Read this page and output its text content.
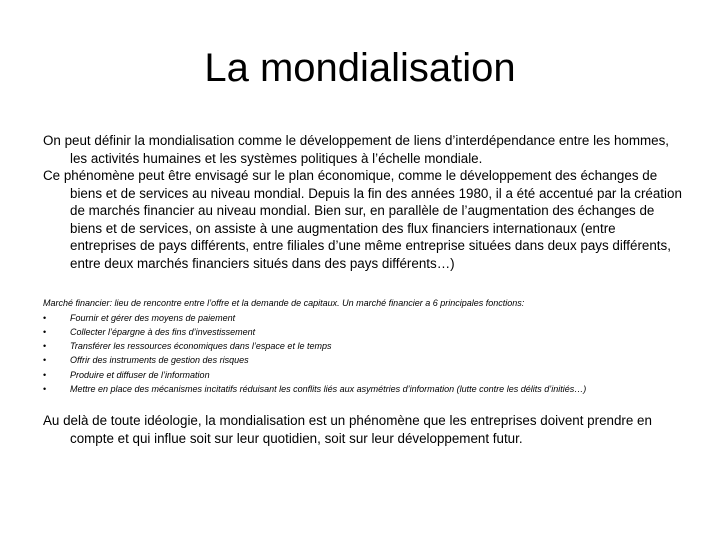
La mondialisation

On peut définir la mondialisation comme le développement de liens d’interdépendance entre les hommes, les activités humaines et les systèmes politiques à l’échelle mondiale.

Ce phénomène peut être envisagé sur le plan économique, comme le développement des échanges de biens et de services au niveau mondial. Depuis la fin des années 1980, il a été accentué par la création de marchés financier au niveau mondial. Bien sur, en parallèle de l’augmentation des échanges de biens et de services, on assiste à une augmentation des flux financiers internationaux (entre entreprises de pays différents, entre filiales d’une même entreprise situées dans deux pays différents, entre deux marchés financiers situés dans des pays différents…)

Marché financier: lieu de rencontre entre l’offre et la demande de capitaux. Un marché financier a 6 principales fonctions:

•	Fournir et gérer des moyens de paiement
•	Collecter l’épargne à des fins d’investissement
•	Transférer les ressources économiques dans l’espace et le temps
•	Offrir des instruments de gestion des risques
•	Produire et diffuser de l’information
•	Mettre en place des mécanismes incitatifs réduisant les conflits liés aux asymétries d’information (lutte contre les délits d’initiés…)

Au delà de toute idéologie, la mondialisation est un phénomène que les entreprises doivent prendre en compte et qui influe soit sur leur quotidien, soit sur leur développement futur.
